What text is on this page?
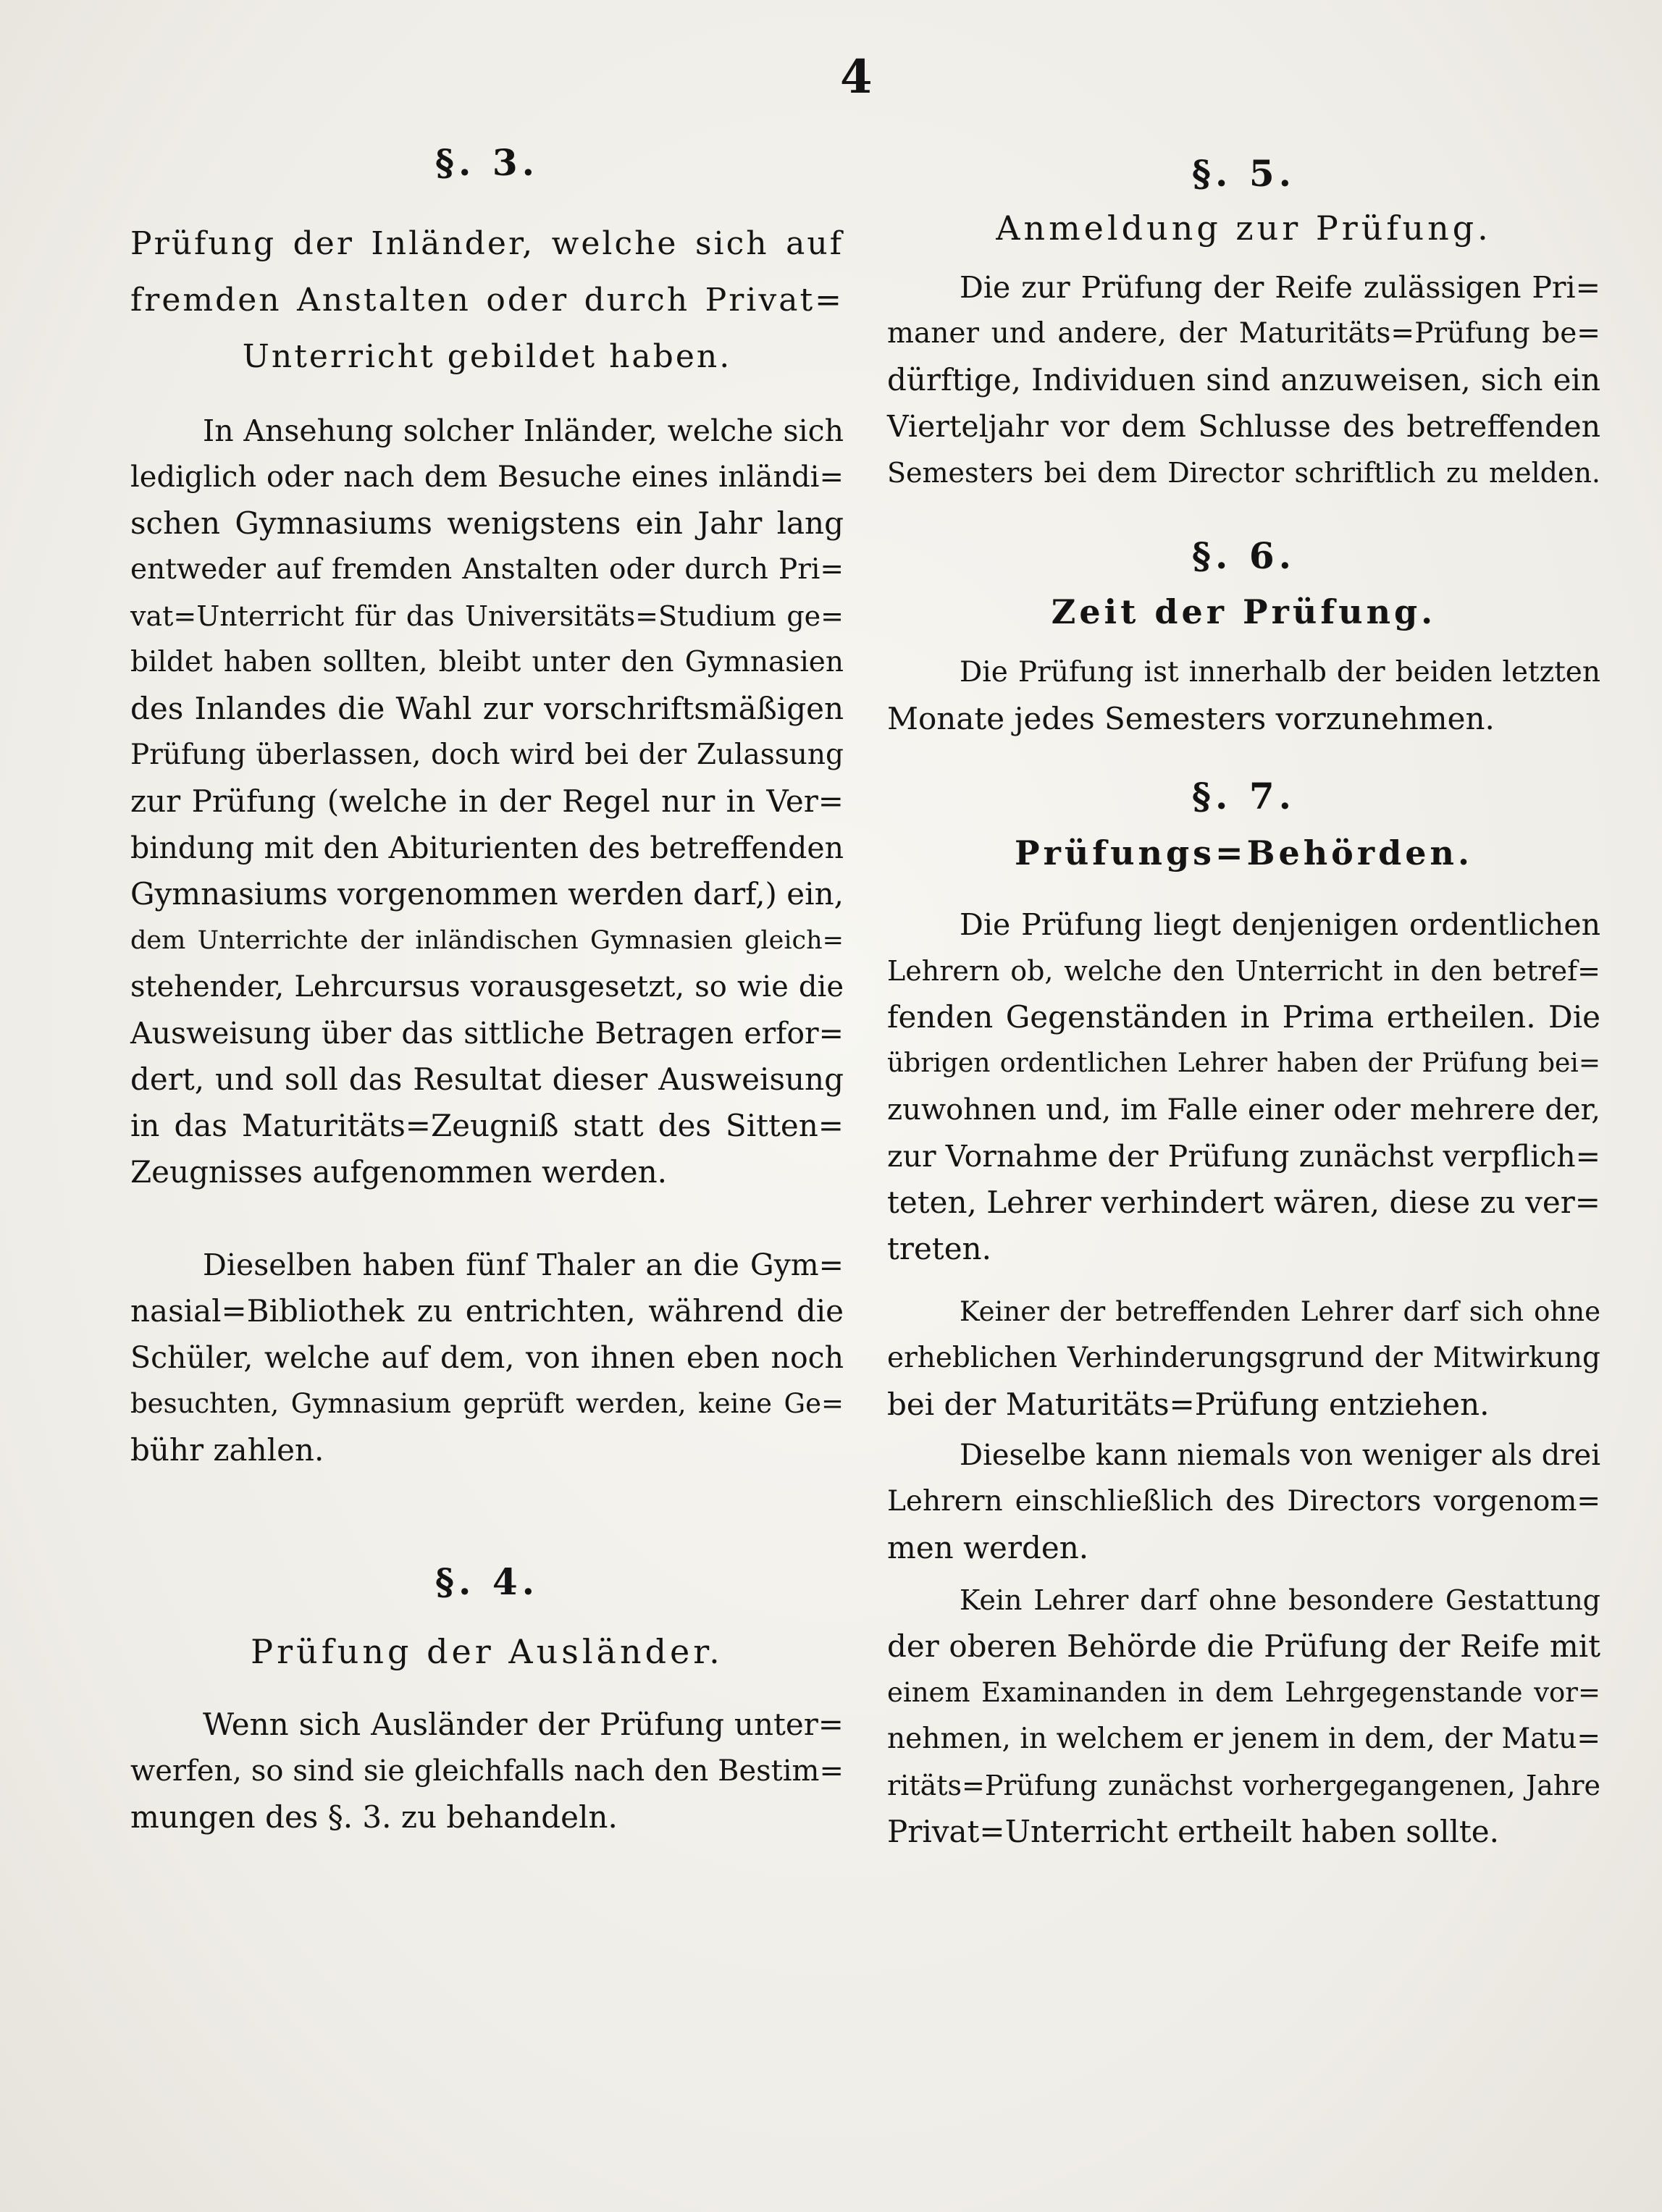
4
§. 3.
Prüfung der Inländer, welche sich auf
fremden Anstalten oder durch Privat=
Unterricht gebildet haben.
In Ansehung solcher Inländer, welche sich
lediglich oder nach dem Besuche eines inländi=
schen Gymnasiums wenigstens ein Jahr lang
entweder auf fremden Anstalten oder durch Pri=
vat=Unterricht für das Universitäts=Studium ge=
bildet haben sollten, bleibt unter den Gymnasien
des Inlandes die Wahl zur vorschriftsmäßigen
Prüfung überlassen, doch wird bei der Zulassung
zur Prüfung (welche in der Regel nur in Ver=
bindung mit den Abiturienten des betreffenden
Gymnasiums vorgenommen werden darf,) ein,
dem Unterrichte der inländischen Gymnasien gleich=
stehender, Lehrcursus vorausgesetzt, so wie die
Ausweisung über das sittliche Betragen erfor=
dert, und soll das Resultat dieser Ausweisung
in das Maturitäts=Zeugniß statt des Sitten=
Zeugnisses aufgenommen werden.
Dieselben haben fünf Thaler an die Gym=
nasial=Bibliothek zu entrichten, während die
Schüler, welche auf dem, von ihnen eben noch
besuchten, Gymnasium geprüft werden, keine Ge=
bühr zahlen.
§. 4.
Prüfung der Ausländer.
Wenn sich Ausländer der Prüfung unter=
werfen, so sind sie gleichfalls nach den Bestim=
mungen des §. 3. zu behandeln.
§. 5.
Anmeldung zur Prüfung.
Die zur Prüfung der Reife zulässigen Pri=
maner und andere, der Maturitäts=Prüfung be=
dürftige, Individuen sind anzuweisen, sich ein
Vierteljahr vor dem Schlusse des betreffenden
Semesters bei dem Director schriftlich zu melden.
§. 6.
Zeit der Prüfung.
Die Prüfung ist innerhalb der beiden letzten
Monate jedes Semesters vorzunehmen.
§. 7.
Prüfungs=Behörden.
Die Prüfung liegt denjenigen ordentlichen
Lehrern ob, welche den Unterricht in den betref=
fenden Gegenständen in Prima ertheilen. Die
übrigen ordentlichen Lehrer haben der Prüfung bei=
zuwohnen und, im Falle einer oder mehrere der,
zur Vornahme der Prüfung zunächst verpflich=
teten, Lehrer verhindert wären, diese zu ver=
treten.
Keiner der betreffenden Lehrer darf sich ohne
erheblichen Verhinderungsgrund der Mitwirkung
bei der Maturitäts=Prüfung entziehen.
Dieselbe kann niemals von weniger als drei
Lehrern einschließlich des Directors vorgenom=
men werden.
Kein Lehrer darf ohne besondere Gestattung
der oberen Behörde die Prüfung der Reife mit
einem Examinanden in dem Lehrgegenstande vor=
nehmen, in welchem er jenem in dem, der Matu=
ritäts=Prüfung zunächst vorhergegangenen, Jahre
Privat=Unterricht ertheilt haben sollte.
